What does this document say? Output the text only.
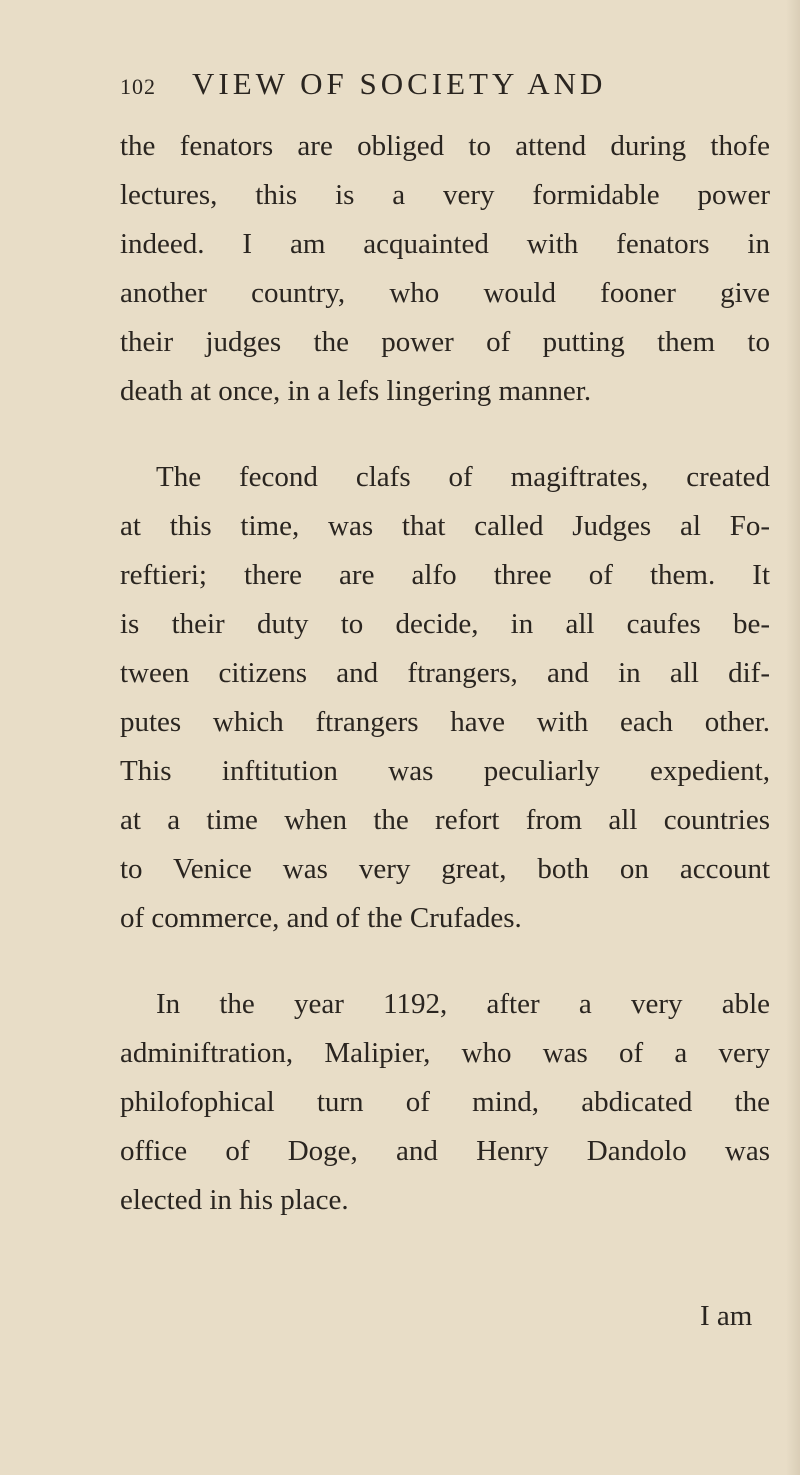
102 VIEW OF SOCIETY AND
the fenators are obliged to attend during thofe
lectures, this is a very formidable power
indeed. I am acquainted with fenators in
another country, who would fooner give
their judges the power of putting them to
death at once, in a lefs lingering manner.
The fecond clafs of magiftrates, created
at this time, was that called Judges al Fo-
reftieri; there are alfo three of them. It
is their duty to decide, in all caufes be-
tween citizens and ftrangers, and in all dif-
putes which ftrangers have with each other.
This inftitution was peculiarly expedient,
at a time when the refort from all countries
to Venice was very great, both on account
of commerce, and of the Crufades.
In the year 1192, after a very able
adminiftration, Malipier, who was of a very
philofophical turn of mind, abdicated the
office of Doge, and Henry Dandolo was
elected in his place.
I am
